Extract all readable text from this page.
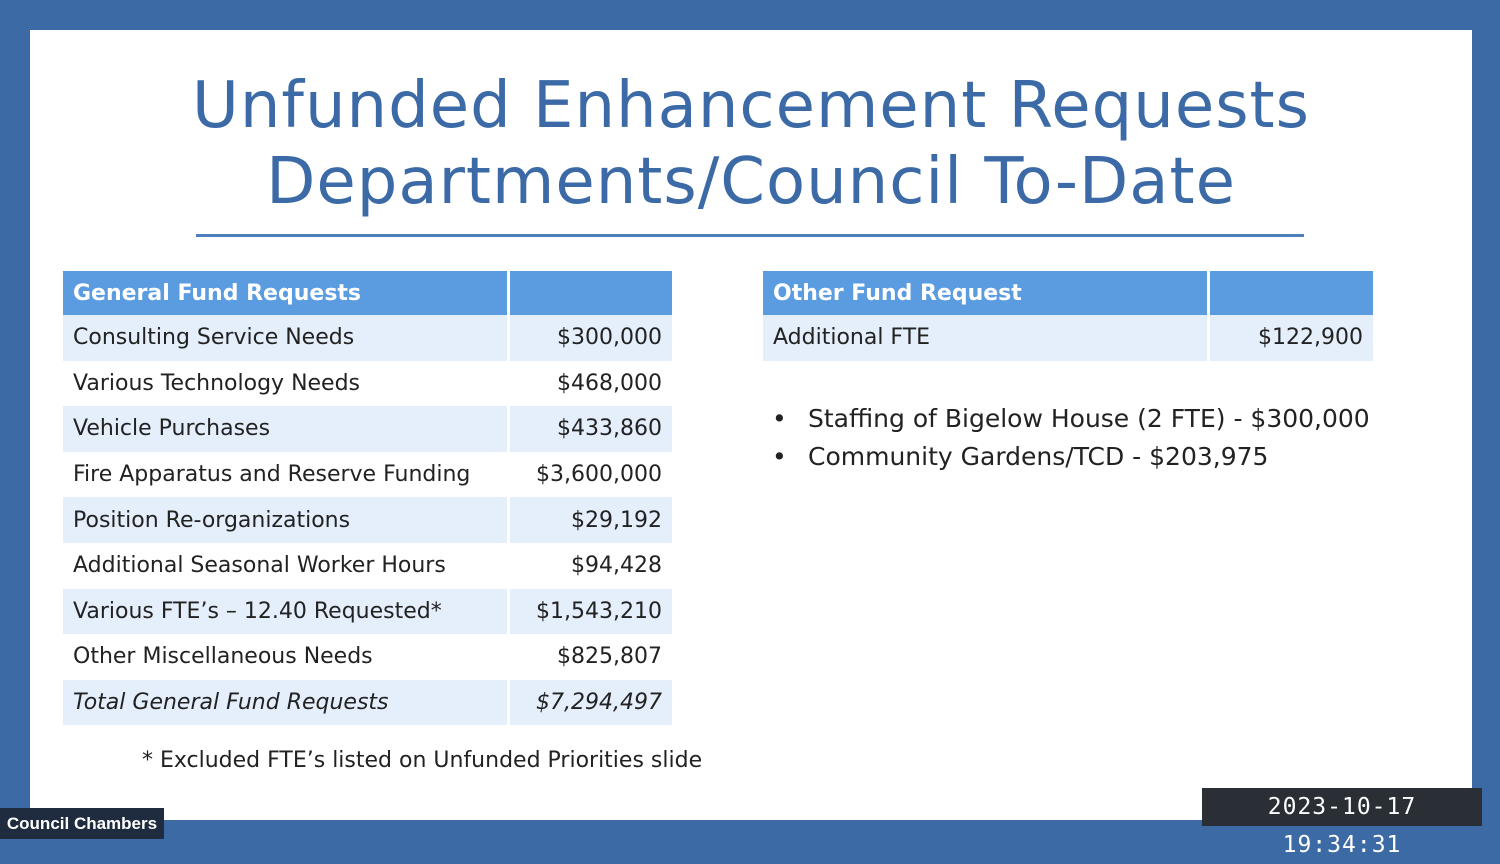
Unfunded Enhancement Requests
Departments/Council To-Date
General Fund Requests	
Consulting Service Needs	$300,000
Various Technology Needs	$468,000
Vehicle Purchases	$433,860
Fire Apparatus and Reserve Funding	$3,600,000
Position Re-organizations	$29,192
Additional Seasonal Worker Hours	$94,428
Various FTE’s – 12.40 Requested*	$1,543,210
Other Miscellaneous Needs	$825,807
Total General Fund Requests	$7,294,497
* Excluded FTE’s listed on Unfunded Priorities slide
Other Fund Request	
Additional FTE	$122,900
• Staffing of Bigelow House (2 FTE) - $300,000
• Community Gardens/TCD - $203,975
Council Chambers
2023-10-17 19:34:31
